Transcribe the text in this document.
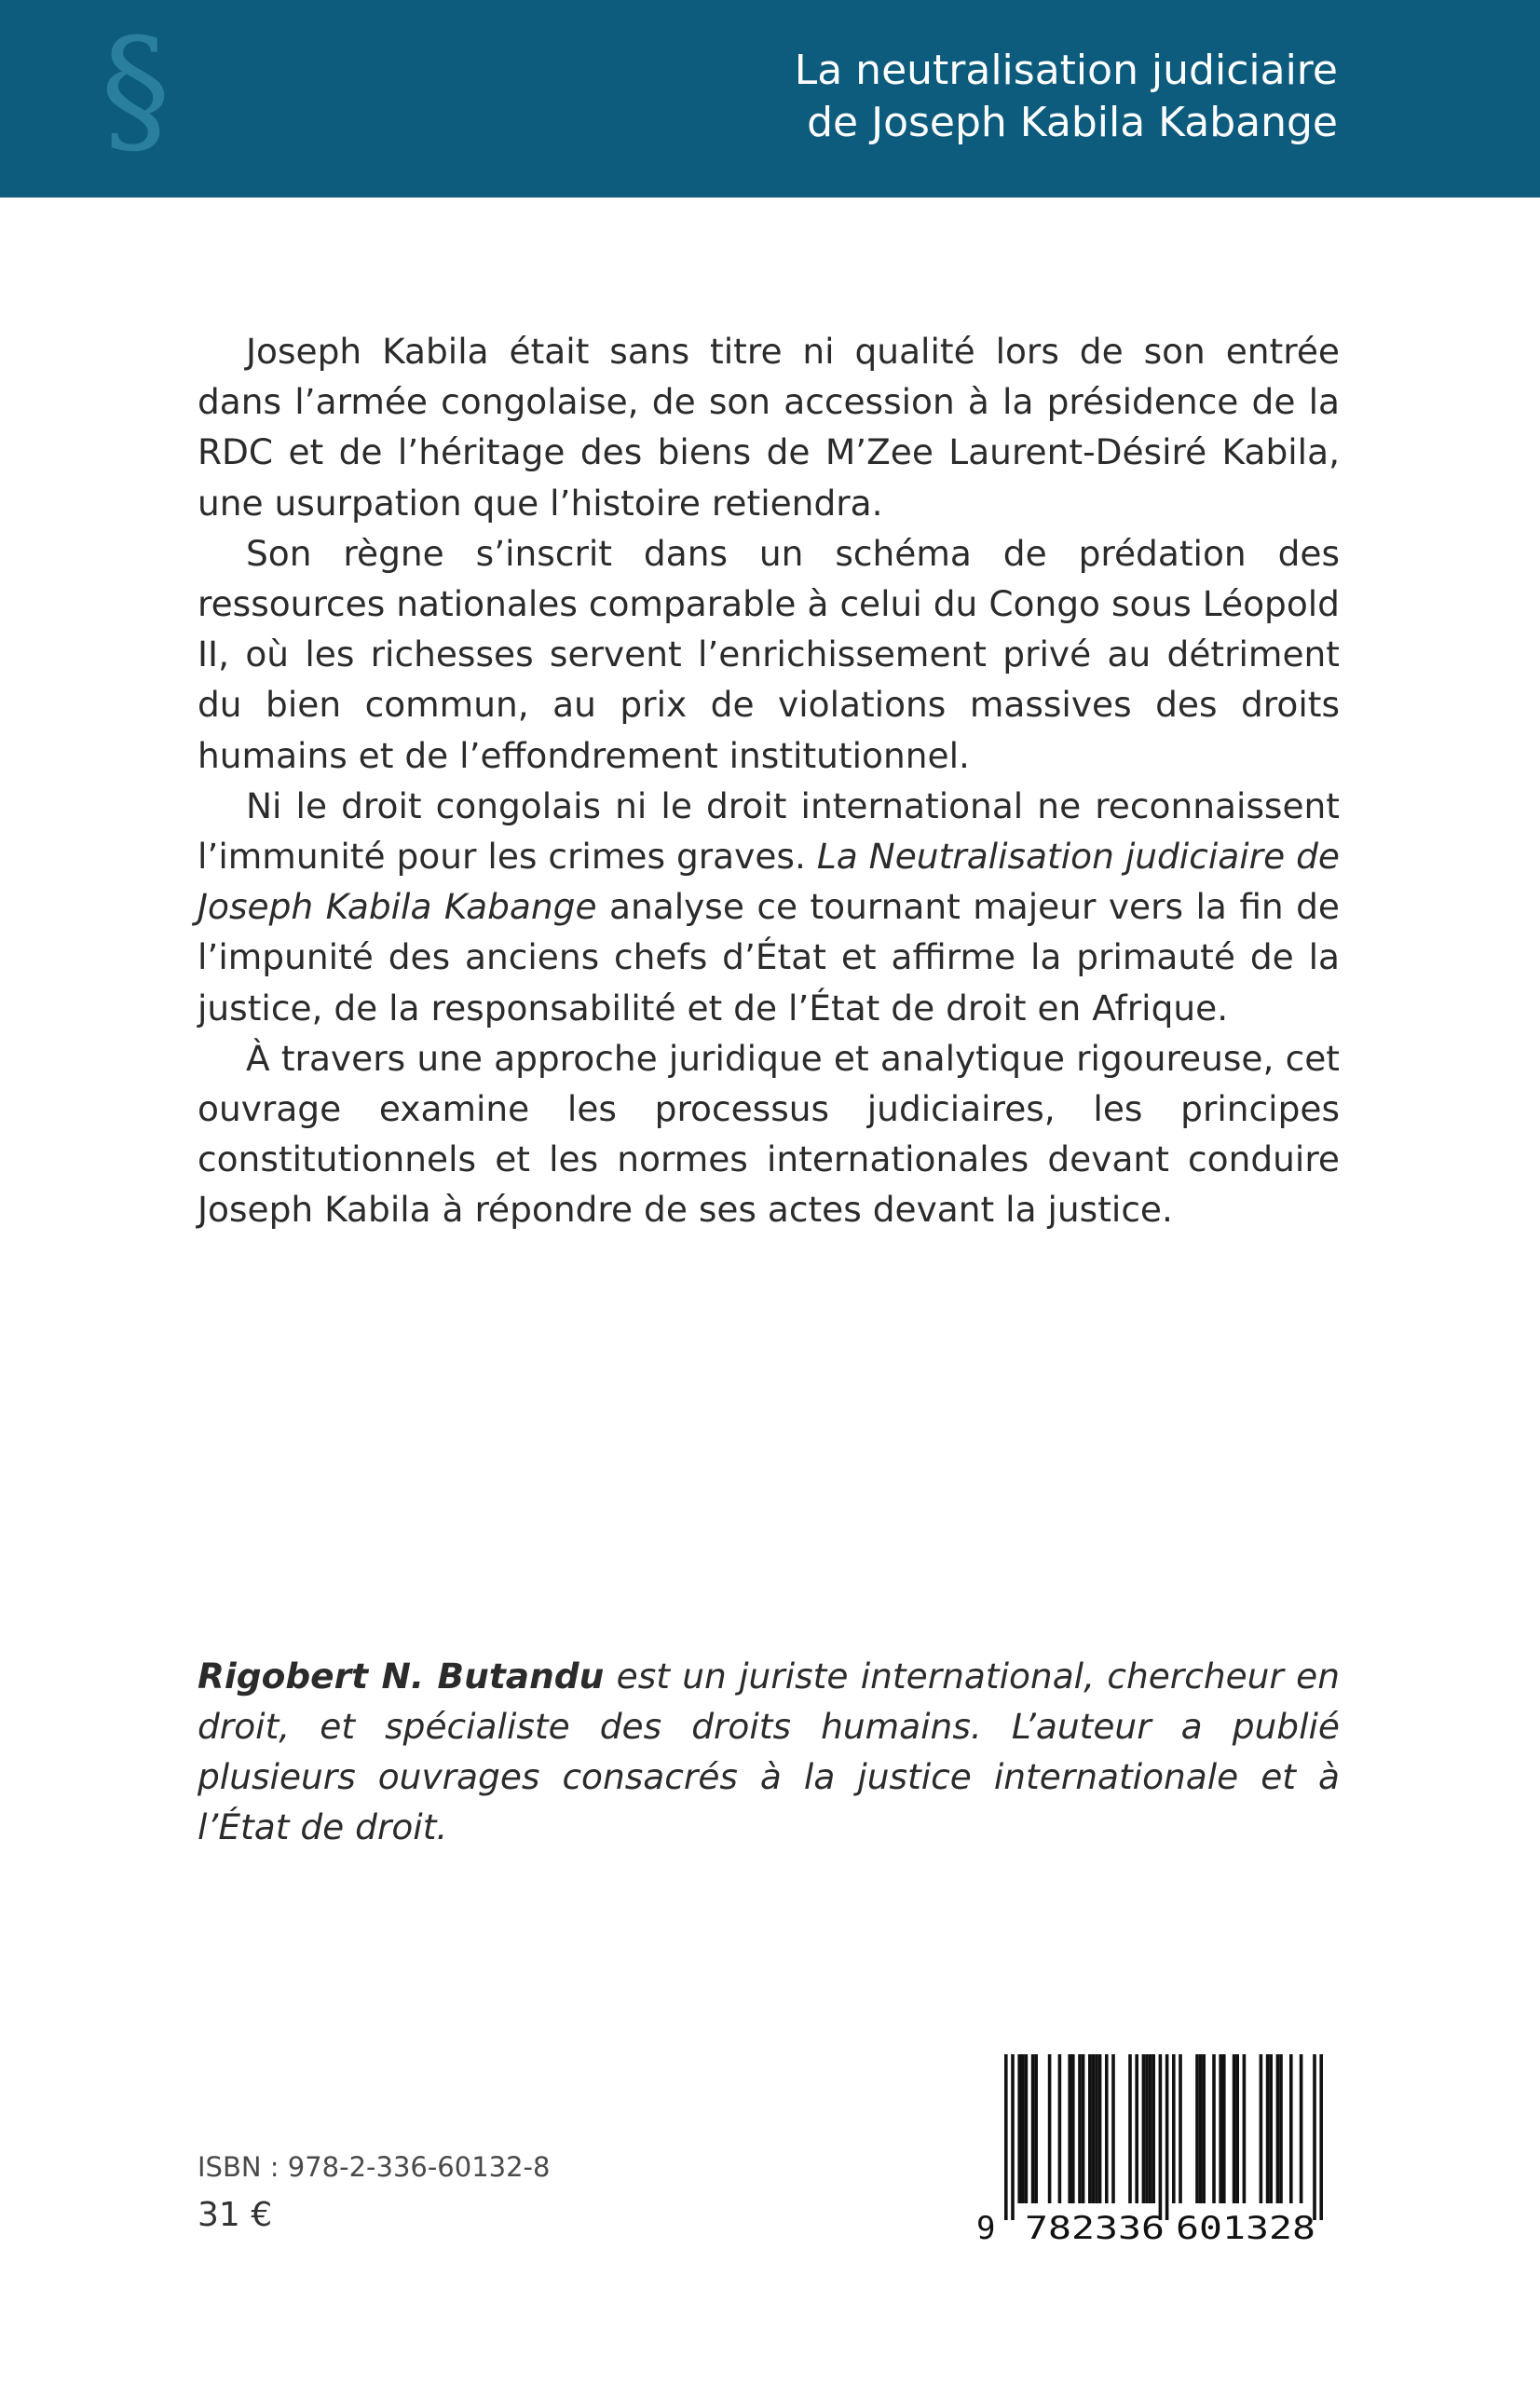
§	La neutralisation judiciaire
de Joseph Kabila Kabange

Joseph Kabila était sans titre ni qualité lors de son entrée dans l’armée congolaise, de son accession à la présidence de la RDC et de l’héritage des biens de M’Zee Laurent-Désiré Kabila, une usurpation que l’histoire retiendra.

Son règne s’inscrit dans un schéma de prédation des ressources nationales comparable à celui du Congo sous Léopold II, où les richesses servent l’enrichissement privé au détriment du bien commun, au prix de violations massives des droits humains et de l’effondrement institutionnel.

Ni le droit congolais ni le droit international ne reconnaissent l’immunité pour les crimes graves. La Neutralisation judiciaire de Joseph Kabila Kabange analyse ce tournant majeur vers la fin de l’impunité des anciens chefs d’État et affirme la primauté de la justice, de la responsabilité et de l’État de droit en Afrique.

À travers une approche juridique et analytique rigoureuse, cet ouvrage examine les processus judiciaires, les principes constitutionnels et les normes internationales devant conduire Joseph Kabila à répondre de ses actes devant la justice.

Rigobert N. Butandu est un juriste international, chercheur en droit, et spécialiste des droits humains. L’auteur a publié plusieurs ouvrages consacrés à la justice internationale et à l’État de droit.

ISBN : 978-2-336-60132-8
31 €	9 782336 601328
